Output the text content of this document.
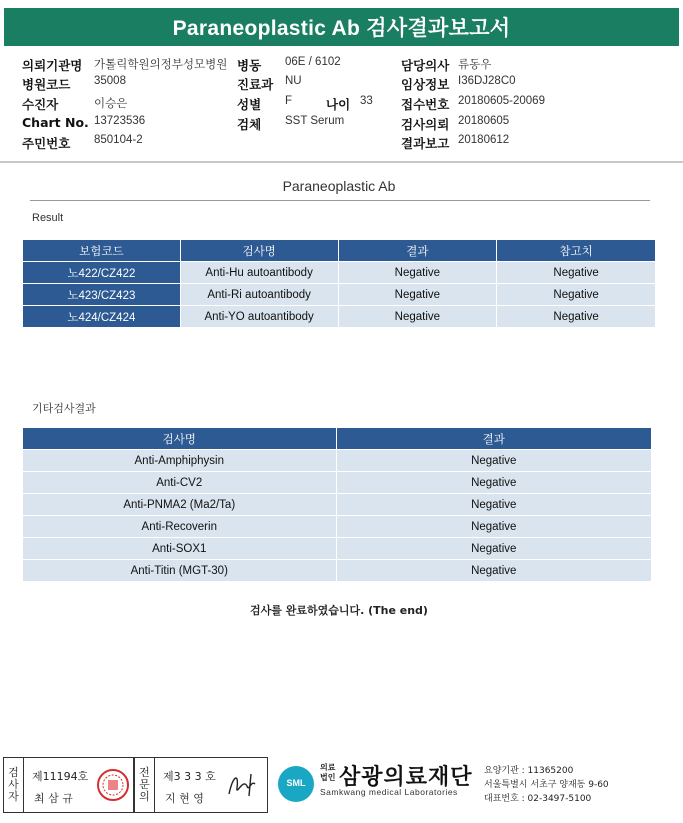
Paraneoplastic Ab 검사결과보고서
의뢰기관명 가톨릭학원의정부성모병원 병동 06E / 6102	담당의사 류동우
병원코드 35008	진료과 NU	임상정보 I36DJ28C0
수진자	이승은	성별 F	나이 33 접수번호 20180605-20069
Chart No. 13723536	검체 SST Serum	검사의뢰 20180605
주민번호 850104-2	결과보고 20180612
Paraneoplastic Ab
Result
보험코드	검사명	결과	참고치
노422/CZ422	Anti-Hu autoantibody	Negative	Negative
노423/CZ423	Anti-Ri autoantibody	Negative	Negative
노424/CZ424	Anti-YO autoantibody	Negative	Negative
기타검사결과
검사명	결과
Anti-Amphiphysin	Negative
Anti-CV2	Negative
Anti-PNMA2 (Ma2/Ta)	Negative
Anti-Recoverin	Negative
Anti-SOX1	Negative
Anti-Titin (MGT-30)	Negative
검사를 완료하였습니다. (The end)
검
사
자
제11194호
최 삼 규
전
문
의
제3 3 3 호
지 현 영
SML
의료
법인 삼광의료재단
Samkwang medical Laboratories
요양기관 : 11365200
서울특별시 서초구 양재동 9-60
대표번호 : 02-3497-5100
